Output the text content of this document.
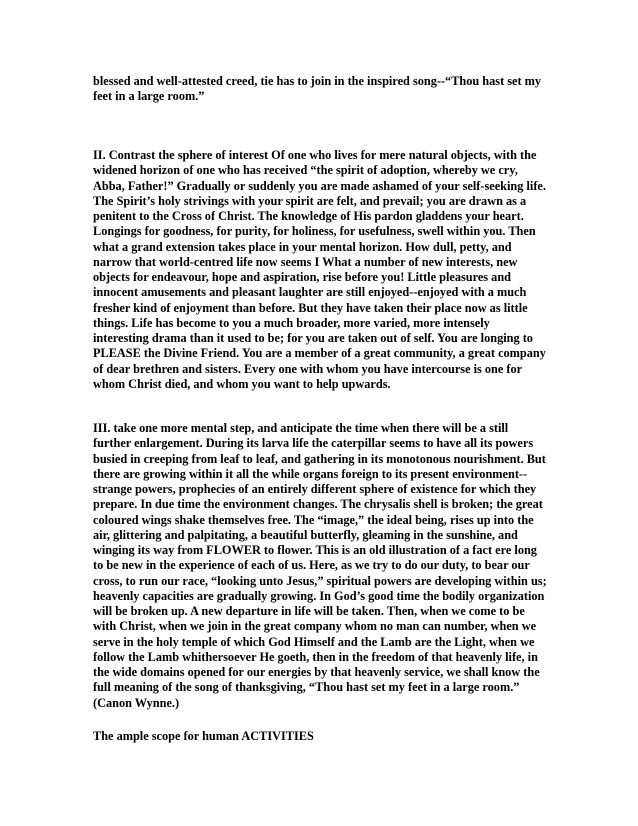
blessed and well-attested creed, tie has to join in the inspired song--“Thou hast set my feet in a large room.”

II. Contrast the sphere of interest Of one who lives for mere natural objects, with the widened horizon of one who has received “the spirit of adoption, whereby we cry, Abba, Father!” Gradually or suddenly you are made ashamed of your self-seeking life. The Spirit’s holy strivings with your spirit are felt, and prevail; you are drawn as a penitent to the Cross of Christ. The knowledge of His pardon gladdens your heart. Longings for goodness, for purity, for holiness, for usefulness, swell within you. Then what a grand extension takes place in your mental horizon. How dull, petty, and narrow that world-centred life now seems I What a number of new interests, new objects for endeavour, hope and aspiration, rise before you! Little pleasures and innocent amusements and pleasant laughter are still enjoyed--enjoyed with a much fresher kind of enjoyment than before. But they have taken their place now as little things. Life has become to you a much broader, more varied, more intensely interesting drama than it used to be; for you are taken out of self. You are longing to PLEASE the Divine Friend. You are a member of a great community, a great company of dear brethren and sisters. Every one with whom you have intercourse is one for whom Christ died, and whom you want to help upwards.

III. take one more mental step, and anticipate the time when there will be a still further enlargement. During its larva life the caterpillar seems to have all its powers busied in creeping from leaf to leaf, and gathering in its monotonous nourishment. But there are growing within it all the while organs foreign to its present environment--strange powers, prophecies of an entirely different sphere of existence for which they prepare. In due time the environment changes. The chrysalis shell is broken; the great coloured wings shake themselves free. The “image,” the ideal being, rises up into the air, glittering and palpitating, a beautiful butterfly, gleaming in the sunshine, and winging its way from FLOWER to flower. This is an old illustration of a fact ere long to be new in the experience of each of us. Here, as we try to do our duty, to bear our cross, to run our race, “looking unto Jesus,” spiritual powers are developing within us; heavenly capacities are gradually growing. In God’s good time the bodily organization will be broken up. A new departure in life will be taken. Then, when we come to be with Christ, when we join in the great company whom no man can number, when we serve in the holy temple of which God Himself and the Lamb are the Light, when we follow the Lamb whithersoever He goeth, then in the freedom of that heavenly life, in the wide domains opened for our energies by that heavenly service, we shall know the full meaning of the song of thanksgiving, “Thou hast set my feet in a large room.” (Canon Wynne.)

The ample scope for human ACTIVITIES
